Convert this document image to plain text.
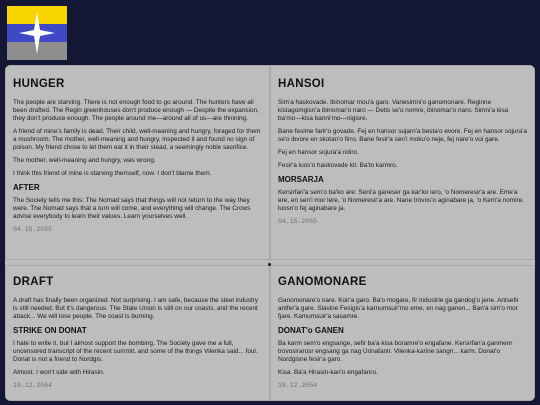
HUNGER

The people are starving. There is not enough food to go around. The hunters have all been drafted. The Regin greenhouses don't produce enough — Despite the expansion, they don't produce enough. The people around me—around all of us—are thinning.

A friend of mine's family is dead. Their child, well-meaning and hungry, foraged for them a mushroom. The mother, well-meaning and hungry, inspected it and found no sign of poison. My friend chose to let them eat it in their stead, a seemingly noble sacrifice.

The mother, well-meaning and hungry, was wrong.

I think this friend of mine is starving themself, now. I don't blame them.

AFTER

The Society tells me this: The Nomad says that things will not return to the way they were. The Nomad says that a turn will come, and everything will change. The Crows advise everybody to learn their values. Learn yourselves well.

04.15.2055
HANSOI

Sim'a haskovade. Ibinomar mou'a garo. Vanesimni'o ganomonare. Reginne kistagomgisn'a ibinomar'o naro — Detis se'o nomre, ibinomar'o naro. Simni'a kisa ba'mo—kisa banni'mo—nigisre.

Bane fesime farir'o govade. Fej en hansor sujarn'a besta'o evore. Fej en hansor sojura'a se'o ibvore en skotan'o firro. Bane fesir'a sen'i moku'o neje, fej nare'o voi gare.

Fej en hansor sojura'a ridiro.

Fesir'a luos'o haskovade kit. Ba'to karmro.

MORSARJA

Kersirfari'a sem'o ba'ko are: Seni'a ganeser ga kar'ko iero, 'o Nomeresir'a are. Eme'a ere, en sen'i mor lere, 'o Nomeresir'a are. Nane trovos'o aginabare ja, 'o Kem'a nomire. luosn'o fej aginabare ja.

04.15.2055
DRAFT

A draft has finally been organized. Not surprising. I am safe, because the steel industry is still needed. But it's dangerous. The State Union is still on our coasts, and the recent attack... We will lose people. The coast is burning.

STRIKE ON DONAT

I hate to write it, but I almost support the bombing. The Society gave me a full, uncensored transcript of the recent summit, and some of the things Vilenka said... foul. Donat is not a friend to Nordgis.

Almost. I won't side with Hirasin.

19.12.2054
GANOMONARE

Ganomonare'o nare. Koir'a garo. Ba'o mogare, fir industrie ga gandog'o jene. Antsefir antfer'a gare. Slavine Fesigis'a karnumsuir'mo eme, en nag ganen... Ban'a sim'o mor fjare. Kamumsuir'a sasamre.

DONAT'o GANEN

Ba karm sem'o engsange, sefir ba'a kisa boramre'o engafane. Kersirfan'a ganmenr trovosirarosr engsang ga nag Urinafanir. Vilenka-karine sangn... karm. Donat'o Nordgisne fesir'a garo.

Kisa. Ba'a Hirasin-kari'o engafanro.

19.12.2054
